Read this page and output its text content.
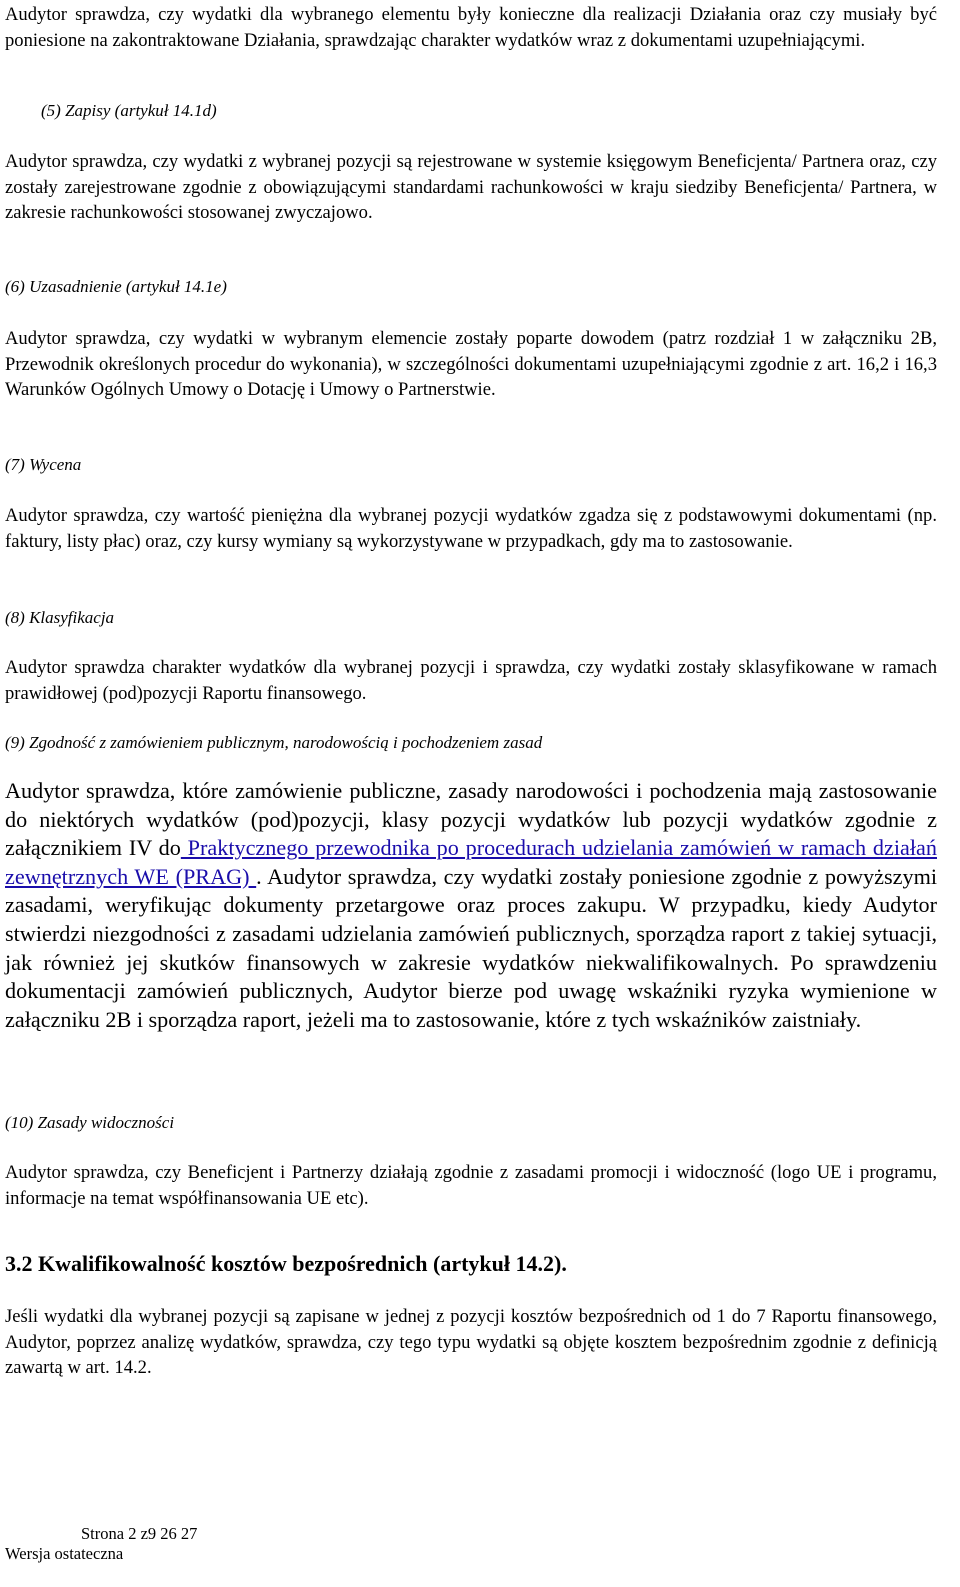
Audytor sprawdza, czy wydatki dla wybranego elementu były konieczne dla realizacji Działania oraz czy musiały być poniesione na zakontraktowane Działania, sprawdzając charakter wydatków wraz z dokumentami uzupełniającymi.

(5) Zapisy (artykuł 14.1d)

Audytor sprawdza, czy wydatki z wybranej pozycji są rejestrowane w systemie księgowym Beneficjenta/ Partnera oraz, czy zostały zarejestrowane zgodnie z obowiązującymi standardami rachunkowości w kraju siedziby Beneficjenta/ Partnera, w zakresie rachunkowości stosowanej zwyczajowo.

(6) Uzasadnienie (artykuł 14.1e)

Audytor sprawdza, czy wydatki w wybranym elemencie zostały poparte dowodem (patrz rozdział 1 w załączniku 2B, Przewodnik określonych procedur do wykonania), w szczególności dokumentami uzupełniającymi zgodnie z art. 16,2 i 16,3 Warunków Ogólnych Umowy o Dotację i Umowy o Partnerstwie.

(7) Wycena

Audytor sprawdza, czy wartość pieniężna dla wybranej pozycji wydatków zgadza się z podstawowymi dokumentami (np. faktury, listy płac) oraz, czy kursy wymiany są wykorzystywane w przypadkach, gdy ma to zastosowanie.

(8) Klasyfikacja

Audytor sprawdza charakter wydatków dla wybranej pozycji i sprawdza, czy wydatki zostały sklasyfikowane w ramach prawidłowej (pod)pozycji Raportu finansowego.

(9) Zgodność z zamówieniem publicznym, narodowością i pochodzeniem zasad

Audytor sprawdza, które zamówienie publiczne, zasady narodowości i pochodzenia mają zastosowanie do niektórych wydatków (pod)pozycji, klasy pozycji wydatków lub pozycji wydatków zgodnie z załącznikiem IV do Praktycznego przewodnika po procedurach udzielania zamówień w ramach działań zewnętrznych WE (PRAG) . Audytor sprawdza, czy wydatki zostały poniesione zgodnie z powyższymi zasadami, weryfikując dokumenty przetargowe oraz proces zakupu. W przypadku, kiedy Audytor stwierdzi niezgodności z zasadami udzielania zamówień publicznych, sporządza raport z takiej sytuacji, jak również jej skutków finansowych w zakresie wydatków niekwalifikowalnych. Po sprawdzeniu dokumentacji zamówień publicznych, Audytor bierze pod uwagę wskaźniki ryzyka wymienione w załączniku 2B i sporządza raport, jeżeli ma to zastosowanie, które z tych wskaźników zaistniały.

(10) Zasady widoczności

Audytor sprawdza, czy Beneficjent i Partnerzy działają zgodnie z zasadami promocji i widoczność (logo UE i programu, informacje na temat współfinansowania UE etc).

3.2 Kwalifikowalność kosztów bezpośrednich (artykuł 14.2).

Jeśli wydatki dla wybranej pozycji są zapisane w jednej z pozycji kosztów bezpośrednich od 1 do 7 Raportu finansowego, Audytor, poprzez analizę wydatków, sprawdza, czy tego typu wydatki są objęte kosztem bezpośrednim zgodnie z definicją zawartą w art. 14.2.

Strona 2 z9 26 27
Wersja ostateczna
